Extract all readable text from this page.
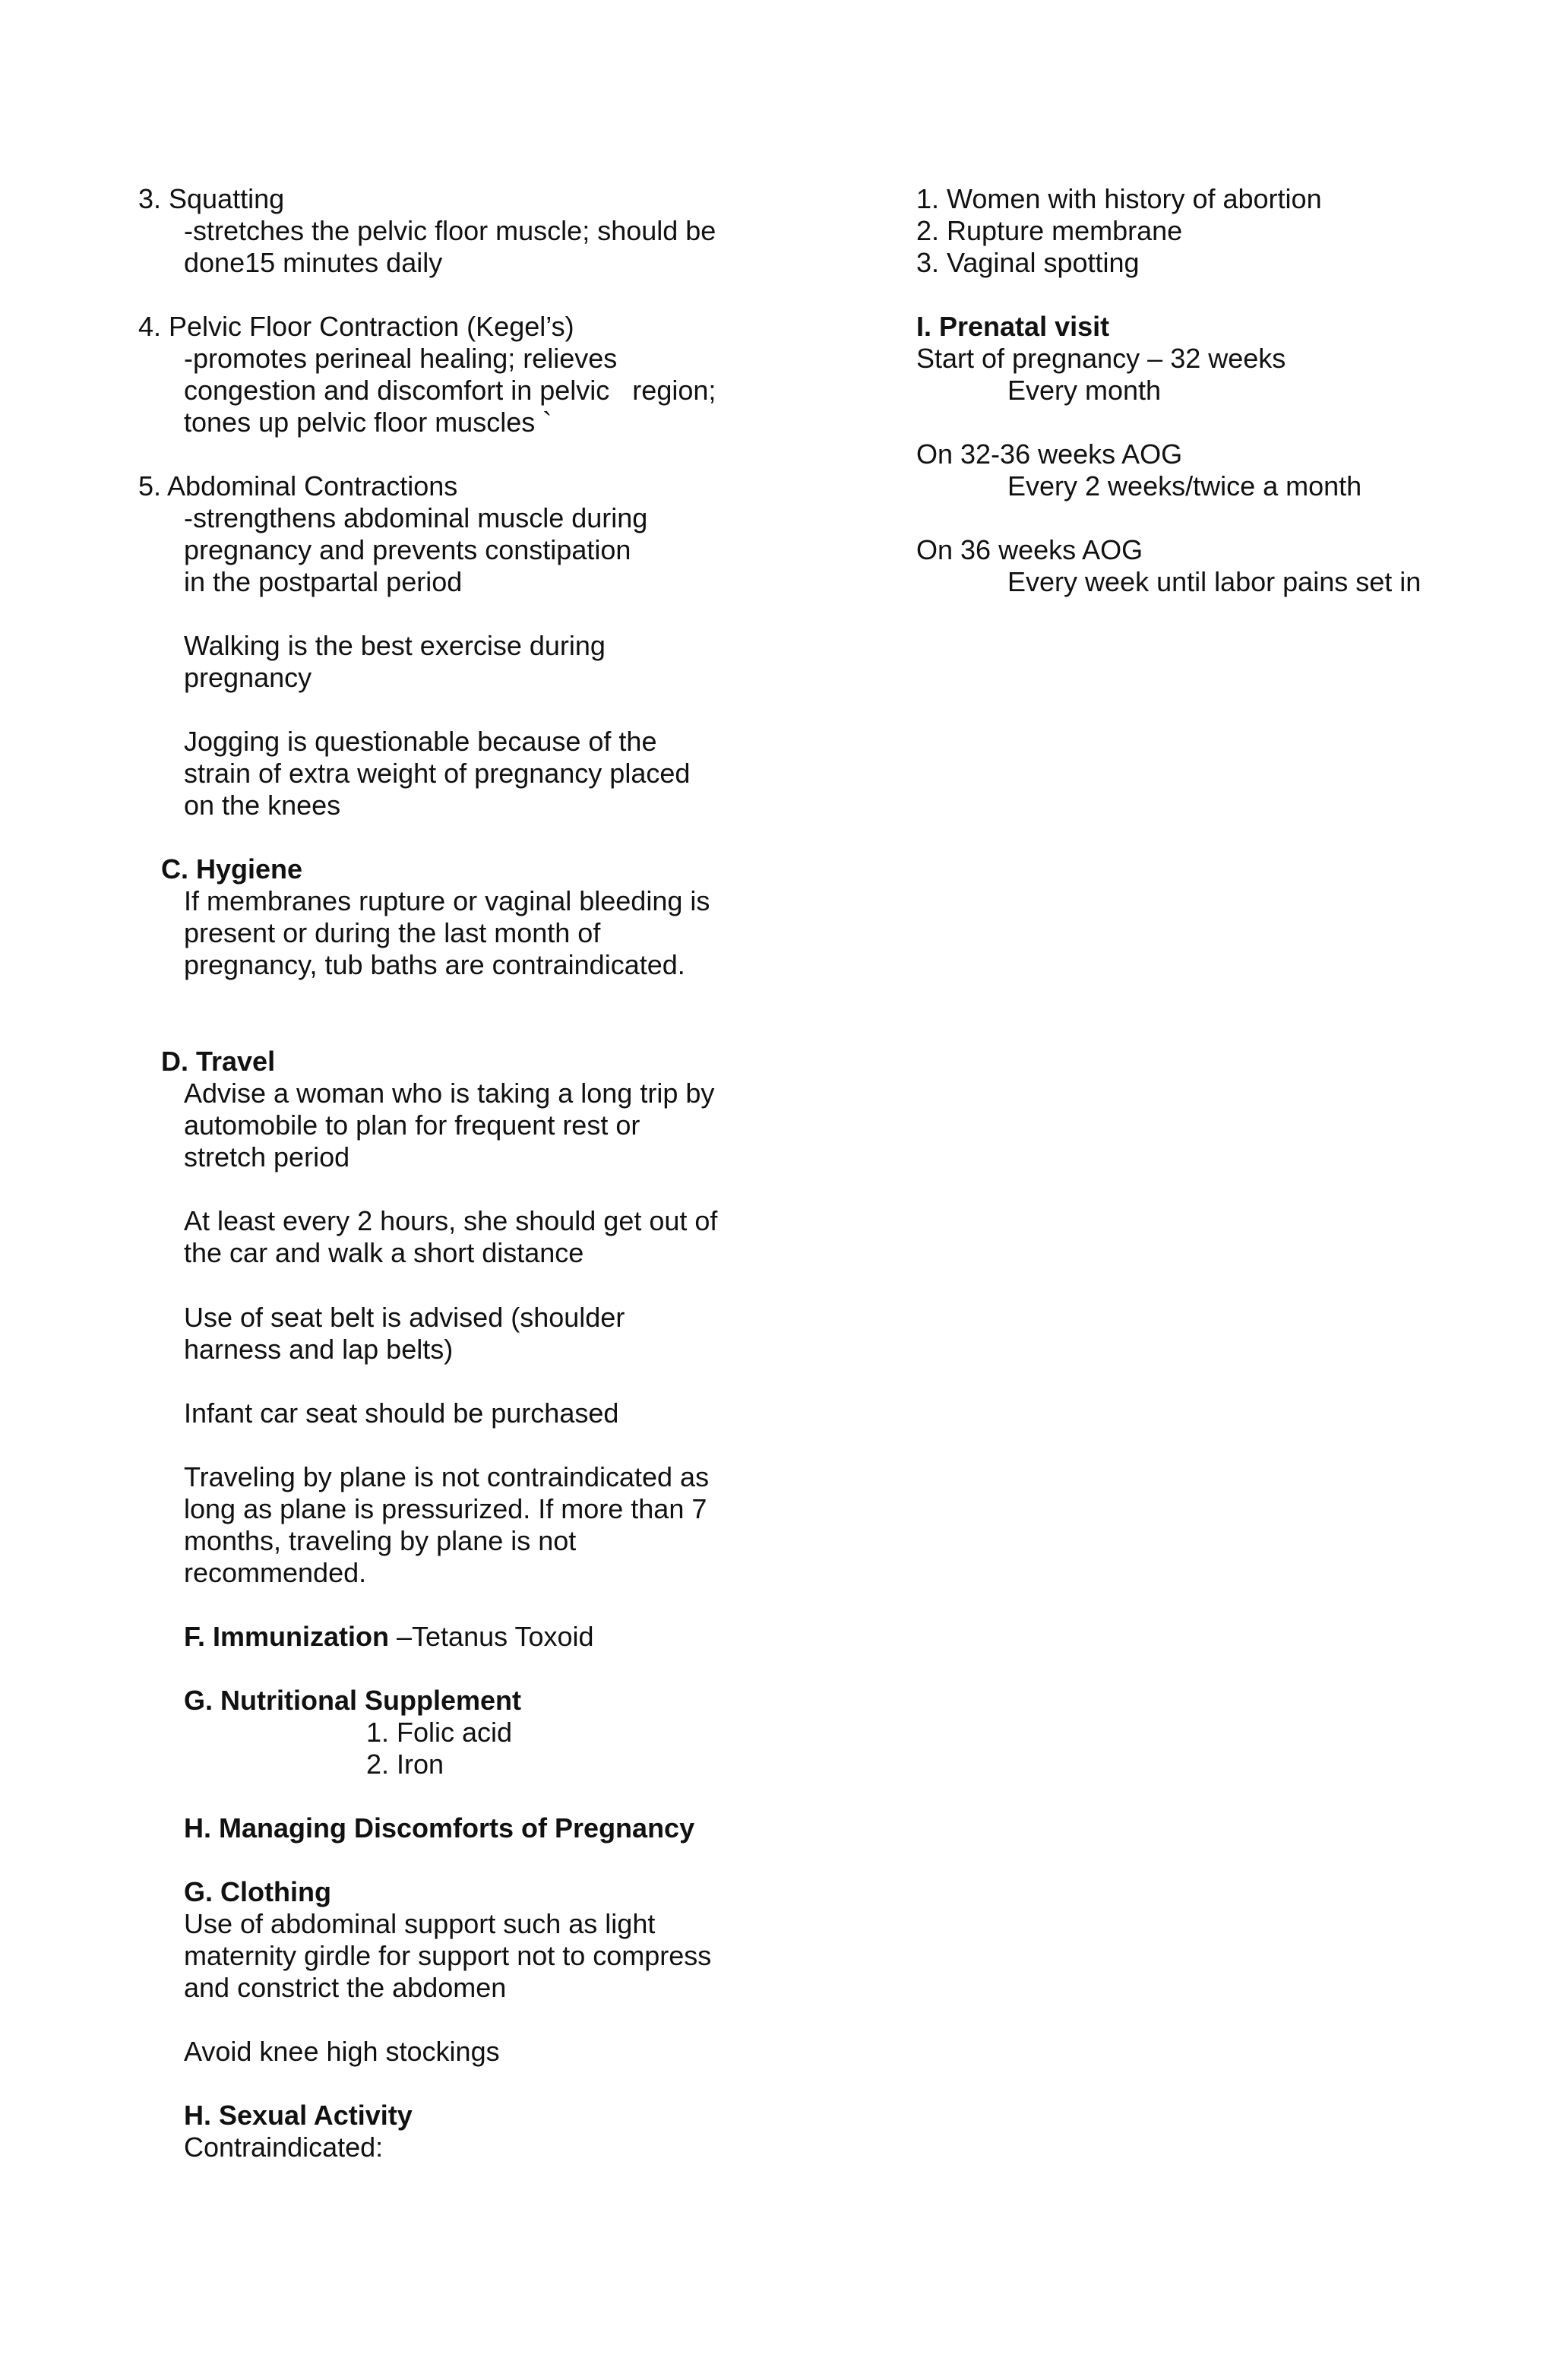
3. Squatting
-stretches the pelvic floor muscle; should be
done15 minutes daily
4. Pelvic Floor Contraction (Kegel’s)
-promotes perineal healing; relieves
congestion and discomfort in pelvic   region;
tones up pelvic floor muscles `
5. Abdominal Contractions
-strengthens abdominal muscle during
pregnancy and prevents constipation
in the postpartal period
Walking is the best exercise during
pregnancy
Jogging is questionable because of the
strain of extra weight of pregnancy placed
on the knees
C. Hygiene
If membranes rupture or vaginal bleeding is
present or during the last month of
pregnancy, tub baths are contraindicated.
D. Travel
Advise a woman who is taking a long trip by
automobile to plan for frequent rest or
stretch period
At least every 2 hours, she should get out of
the car and walk a short distance
Use of seat belt is advised (shoulder
harness and lap belts)
Infant car seat should be purchased
Traveling by plane is not contraindicated as
long as plane is pressurized. If more than 7
months, traveling by plane is not
recommended.
F. Immunization –Tetanus Toxoid
G. Nutritional Supplement
1. Folic acid
2. Iron
H. Managing Discomforts of Pregnancy
G. Clothing
Use of abdominal support such as light
maternity girdle for support not to compress
and constrict the abdomen
Avoid knee high stockings
H. Sexual Activity
Contraindicated:
1. Women with history of abortion
2. Rupture membrane
3. Vaginal spotting
I. Prenatal visit
Start of pregnancy – 32 weeks
Every month
On 32-36 weeks AOG
Every 2 weeks/twice a month
On 36 weeks AOG
Every week until labor pains set in
